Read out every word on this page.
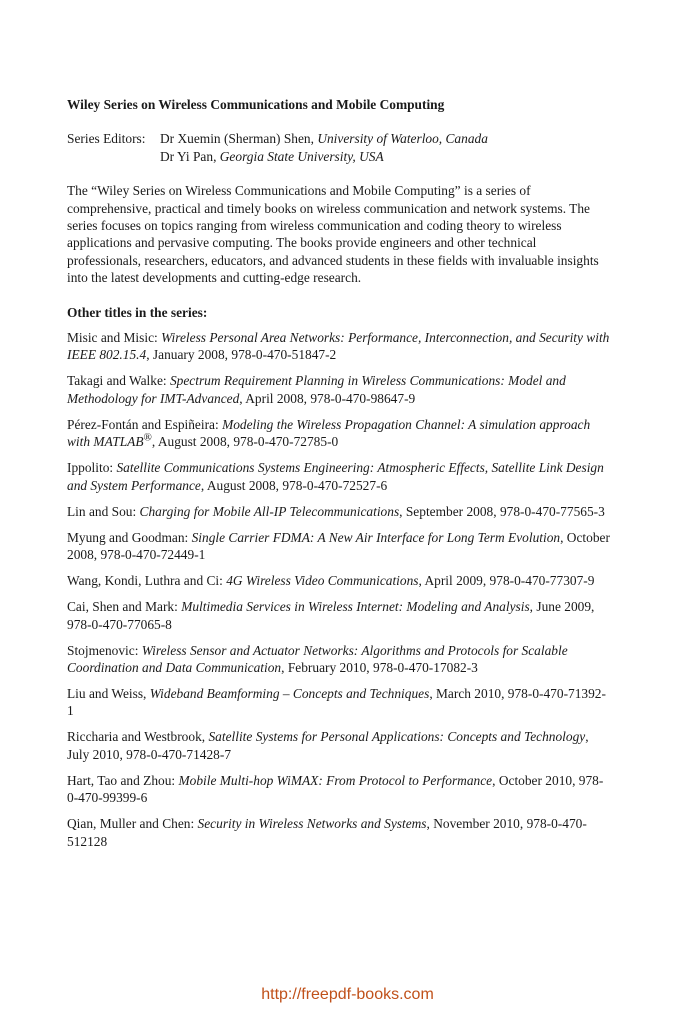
Wiley Series on Wireless Communications and Mobile Computing
Series Editors:	Dr Xuemin (Sherman) Shen, University of Waterloo, Canada
Dr Yi Pan, Georgia State University, USA

The “Wiley Series on Wireless Communications and Mobile Computing” is a series of comprehensive, practical and timely books on wireless communication and network systems. The series focuses on topics ranging from wireless communication and coding theory to wireless applications and pervasive computing. The books provide engineers and other technical professionals, researchers, educators, and advanced students in these fields with invaluable insights into the latest developments and cutting-edge research.

Other titles in the series:
Misic and Misic: Wireless Personal Area Networks: Performance, Interconnection, and Security with IEEE 802.15.4, January 2008, 978-0-470-51847-2
Takagi and Walke: Spectrum Requirement Planning in Wireless Communications: Model and Methodology for IMT-Advanced, April 2008, 978-0-470-98647-9
Pérez-Fontán and Espiñeira: Modeling the Wireless Propagation Channel: A simulation approach with MATLAB®, August 2008, 978-0-470-72785-0
Ippolito: Satellite Communications Systems Engineering: Atmospheric Effects, Satellite Link Design and System Performance, August 2008, 978-0-470-72527-6
Lin and Sou: Charging for Mobile All-IP Telecommunications, September 2008, 978-0-470-77565-3
Myung and Goodman: Single Carrier FDMA: A New Air Interface for Long Term Evolution, October 2008, 978-0-470-72449-1
Wang, Kondi, Luthra and Ci: 4G Wireless Video Communications, April 2009, 978-0-470-77307-9
Cai, Shen and Mark: Multimedia Services in Wireless Internet: Modeling and Analysis, June 2009, 978-0-470-77065-8
Stojmenovic: Wireless Sensor and Actuator Networks: Algorithms and Protocols for Scalable Coordination and Data Communication, February 2010, 978-0-470-17082-3
Liu and Weiss, Wideband Beamforming – Concepts and Techniques, March 2010, 978-0-470-71392-1
Riccharia and Westbrook, Satellite Systems for Personal Applications: Concepts and Technology, July 2010, 978-0-470-71428-7
Hart, Tao and Zhou: Mobile Multi-hop WiMAX: From Protocol to Performance, October 2010, 978-0-470-99399-6
Qian, Muller and Chen: Security in Wireless Networks and Systems, November 2010, 978-0-470-512128
http://freepdf-books.com
